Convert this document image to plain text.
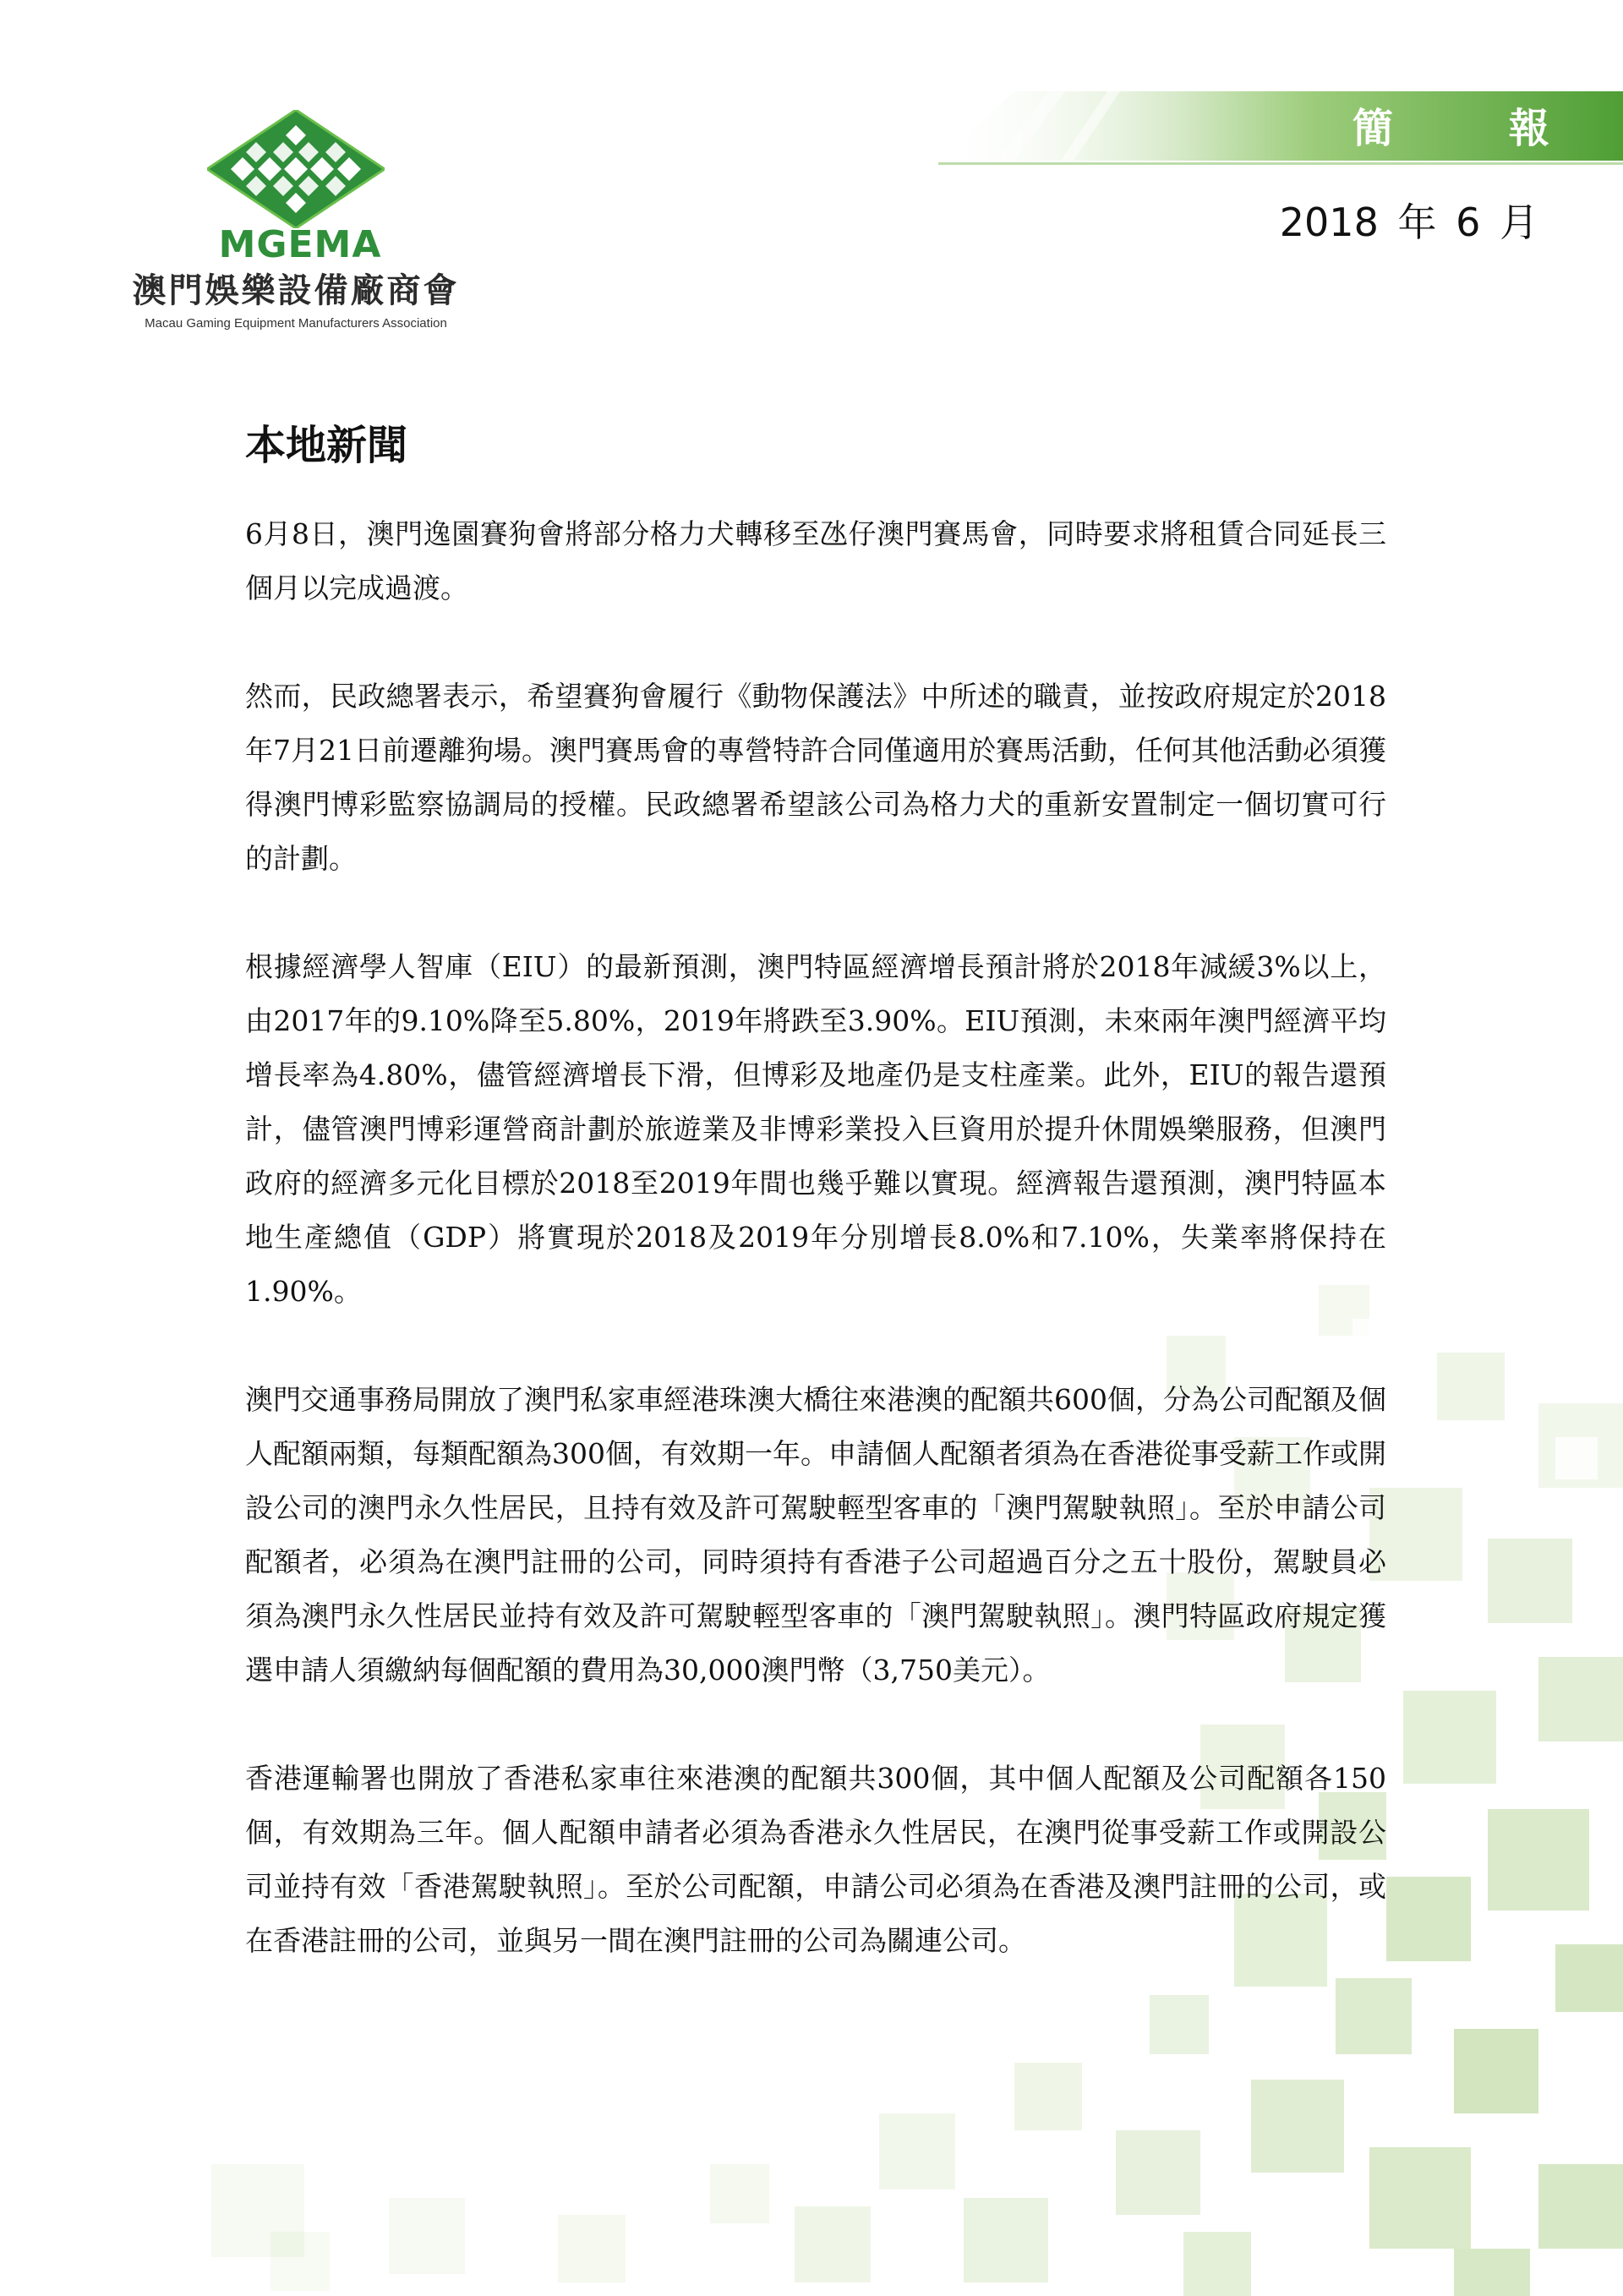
簡 報
2018 年 6 月
MGEMA
澳門娛樂設備廠商會
Macau Gaming Equipment Manufacturers Association
本地新聞

6月8日，澳門逸園賽狗會將部分格力犬轉移至氹仔澳門賽馬會，同時要求將租賃合同延長三個月以完成過渡。

然而，民政總署表示，希望賽狗會履行《動物保護法》中所述的職責，並按政府規定於2018年7月21日前遷離狗場。澳門賽馬會的專營特許合同僅適用於賽馬活動，任何其他活動必須獲得澳門博彩監察協調局的授權。民政總署希望該公司為格力犬的重新安置制定一個切實可行的計劃。

根據經濟學人智庫（EIU）的最新預測，澳門特區經濟增長預計將於2018年減緩3%以上，由2017年的9.10%降至5.80%，2019年將跌至3.90%。EIU預測，未來兩年澳門經濟平均增長率為4.80%，儘管經濟增長下滑，但博彩及地產仍是支柱產業。此外，EIU的報告還預計，儘管澳門博彩運營商計劃於旅遊業及非博彩業投入巨資用於提升休閒娛樂服務，但澳門政府的經濟多元化目標於2018至2019年間也幾乎難以實現。經濟報告還預測，澳門特區本地生產總值（GDP）將實現於2018及2019年分別增長8.0%和7.10%，失業率將保持在1.90%。

澳門交通事務局開放了澳門私家車經港珠澳大橋往來港澳的配額共600個，分為公司配額及個人配額兩類，每類配額為300個，有效期一年。申請個人配額者須為在香港從事受薪工作或開設公司的澳門永久性居民，且持有效及許可駕駛輕型客車的「澳門駕駛執照」。至於申請公司配額者，必須為在澳門註冊的公司，同時須持有香港子公司超過百分之五十股份，駕駛員必須為澳門永久性居民並持有效及許可駕駛輕型客車的「澳門駕駛執照」。澳門特區政府規定獲選申請人須繳納每個配額的費用為30,000澳門幣（3,750美元）。

香港運輸署也開放了香港私家車往來港澳的配額共300個，其中個人配額及公司配額各150個，有效期為三年。個人配額申請者必須為香港永久性居民，在澳門從事受薪工作或開設公司並持有效「香港駕駛執照」。至於公司配額，申請公司必須為在香港及澳門註冊的公司，或在香港註冊的公司，並與另一間在澳門註冊的公司為關連公司。
